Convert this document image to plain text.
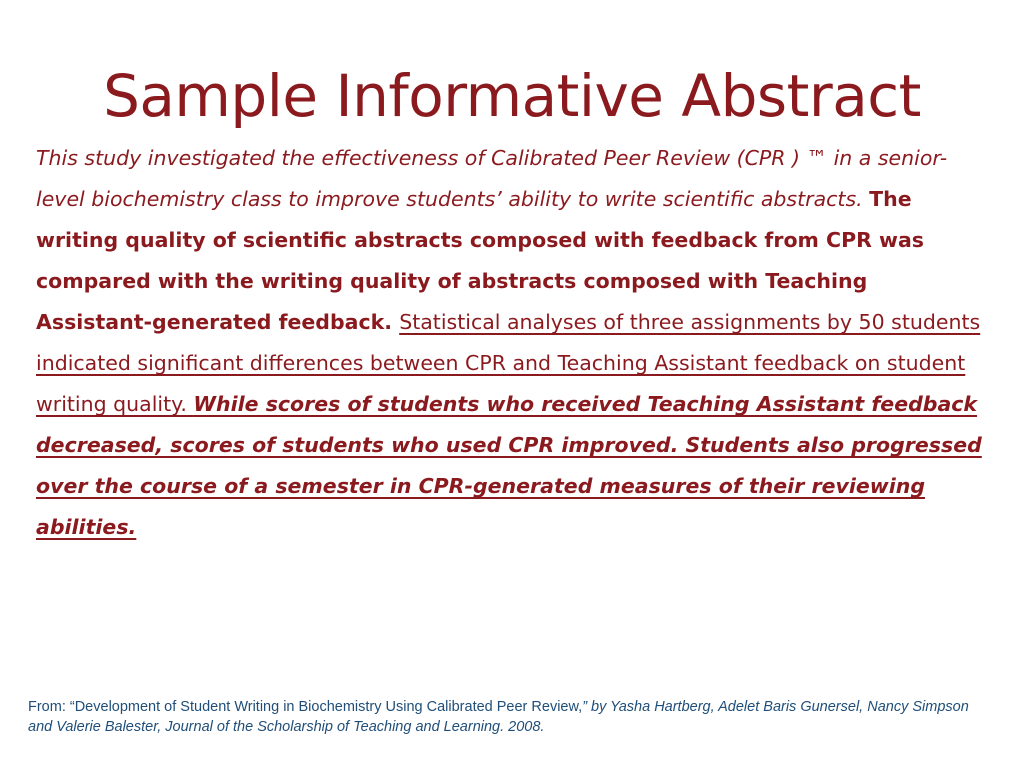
Sample Informative Abstract
This study investigated the effectiveness of Calibrated Peer Review (CPR ) ™ in a senior-level biochemistry class to improve students’ ability to write scientific abstracts. The writing quality of scientific abstracts composed with feedback from CPR was compared with the writing quality of abstracts composed with Teaching Assistant-generated feedback. Statistical analyses of three assignments by 50 students indicated significant differences between CPR and Teaching Assistant feedback on student writing quality. While scores of students who received Teaching Assistant feedback decreased, scores of students who used CPR improved. Students also progressed over the course of a semester in CPR-generated measures of their reviewing abilities.
From: “Development of Student Writing in Biochemistry Using Calibrated Peer Review,” by Yasha Hartberg, Adelet Baris Gunersel, Nancy Simpson and Valerie Balester, Journal of the Scholarship of Teaching and Learning. 2008.
